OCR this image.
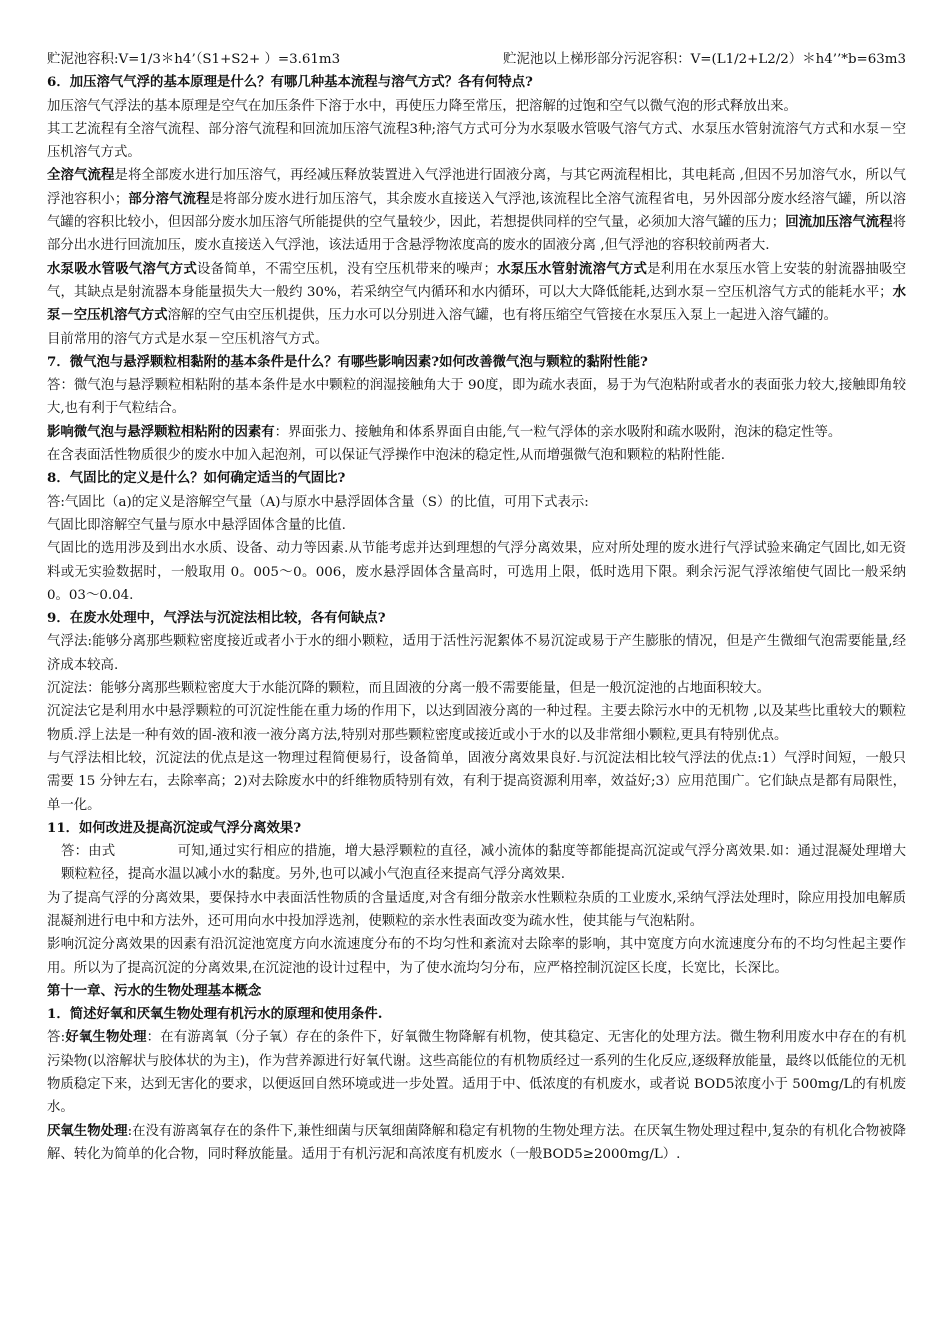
贮泥池容积:V=1/3＊h4’（S1+S2+ ）=3.61m3	贮泥池以上梯形部分污泥容积：V=(L1/2+L2/2）＊h4’’*b=63m3

6．加压溶气气浮的基本原理是什么？有哪几种基本流程与溶气方式？各有何特点?

加压溶气气浮法的基本原理是空气在加压条件下溶于水中，再使压力降至常压，把溶解的过饱和空气以微气泡的形式释放出来。

其工艺流程有全溶气流程、部分溶气流程和回流加压溶气流程3种;溶气方式可分为水泵吸水管吸气溶气方式、水泵压水管射流溶气方式和水泵－空压机溶气方式。

全溶气流程是将全部废水进行加压溶气，再经减压释放装置进入气浮池进行固液分离，与其它两流程相比，其电耗高 ,但因不另加溶气水，所以气浮池容积小；部分溶气流程是将部分废水进行加压溶气，其余废水直接送入气浮池,该流程比全溶气流程省电，另外因部分废水经溶气罐，所以溶气罐的容积比较小，但因部分废水加压溶气所能提供的空气量较少，因此，若想提供同样的空气量，必须加大溶气罐的压力；回流加压溶气流程将部分出水进行回流加压，废水直接送入气浮池，该法适用于含悬浮物浓度高的废水的固液分离 ,但气浮池的容积较前两者大.

水泵吸水管吸气溶气方式设备简单，不需空压机，没有空压机带来的噪声；水泵压水管射流溶气方式是利用在水泵压水管上安装的射流器抽吸空气，其缺点是射流器本身能量损失大一般约 30%，若采纳空气内循环和水内循环，可以大大降低能耗,达到水泵－空压机溶气方式的能耗水平；水泵－空压机溶气方式溶解的空气由空压机提供，压力水可以分别进入溶气罐，也有将压缩空气管接在水泵压入泵上一起进入溶气罐的。

目前常用的溶气方式是水泵－空压机溶气方式。

7．微气泡与悬浮颗粒相黏附的基本条件是什么？有哪些影响因素?如何改善微气泡与颗粒的黏附性能?

答：微气泡与悬浮颗粒相粘附的基本条件是水中颗粒的润湿接触角大于 90度，即为疏水表面，易于为气泡粘附或者水的表面张力较大,接触即角较大,也有利于气粒结合。

影响微气泡与悬浮颗粒相粘附的因素有：界面张力、接触角和体系界面自由能,气一粒气浮体的亲水吸附和疏水吸附，泡沫的稳定性等。

在含表面活性物质很少的废水中加入起泡剂，可以保证气浮操作中泡沫的稳定性,从而增强微气泡和颗粒的粘附性能.

8．气固比的定义是什么？如何确定适当的气固比?

答:气固比（a)的定义是溶解空气量（A)与原水中悬浮固体含量（S）的比值，可用下式表示:

气固比即溶解空气量与原水中悬浮固体含量的比值.

气固比的选用涉及到出水水质、设备、动力等因素.从节能考虑并达到理想的气浮分离效果，应对所处理的废水进行气浮试验来确定气固比,如无资料或无实验数据时，一般取用 0。005～0。006，废水悬浮固体含量高时，可选用上限，低时选用下限。剩余污泥气浮浓缩使气固比一般采纳 0。03～0.04.

9．在废水处理中，气浮法与沉淀法相比较，各有何缺点?

气浮法:能够分离那些颗粒密度接近或者小于水的细小颗粒，适用于活性污泥絮体不易沉淀或易于产生膨胀的情况，但是产生微细气泡需要能量,经济成本较高.

沉淀法：能够分离那些颗粒密度大于水能沉降的颗粒，而且固液的分离一般不需要能量，但是一般沉淀池的占地面积较大。

沉淀法它是利用水中悬浮颗粒的可沉淀性能在重力场的作用下，以达到固液分离的一种过程。主要去除污水中的无机物 ,以及某些比重较大的颗粒物质.浮上法是一种有效的固-液和液一液分离方法,特别对那些颗粒密度或接近或小于水的以及非常细小颗粒,更具有特别优点。

与气浮法相比较，沉淀法的优点是这一物理过程简便易行，设备简单，固液分离效果良好.与沉淀法相比较气浮法的优点:1）气浮时间短，一般只需要 15 分钟左右，去除率高；2)对去除废水中的纤维物质特别有效，有利于提高资源利用率，效益好;3）应用范围广。它们缺点是都有局限性，单一化。

11．如何改进及提高沉淀或气浮分离效果?

答：由式	可知,通过实行相应的措施，增大悬浮颗粒的直径，减小流体的黏度等都能提高沉淀或气浮分离效果.如：通过混凝处理增大颗粒粒径，提高水温以减小水的黏度。另外,也可以减小气泡直径来提高气浮分离效果.

为了提高气浮的分离效果，要保持水中表面活性物质的含量适度,对含有细分散亲水性颗粒杂质的工业废水,采纳气浮法处理时，除应用投加电解质混凝剂进行电中和方法外，还可用向水中投加浮选剂，使颗粒的亲水性表面改变为疏水性，使其能与气泡粘附。

影响沉淀分离效果的因素有沿沉淀池宽度方向水流速度分布的不均匀性和紊流对去除率的影响，其中宽度方向水流速度分布的不均匀性起主要作用。所以为了提高沉淀的分离效果,在沉淀池的设计过程中，为了使水流均匀分布，应严格控制沉淀区长度，长宽比，长深比。

第十一章、污水的生物处理基本概念

1．简述好氧和厌氧生物处理有机污水的原理和使用条件.

答:好氧生物处理：在有游离氧（分子氧）存在的条件下，好氧微生物降解有机物，使其稳定、无害化的处理方法。微生物利用废水中存在的有机污染物(以溶解状与胶体状的为主)，作为营养源进行好氧代谢。这些高能位的有机物质经过一系列的生化反应,逐级释放能量，最终以低能位的无机物质稳定下来，达到无害化的要求，以便返回自然环境或进一步处置。适用于中、低浓度的有机废水，或者说 BOD5浓度小于 500mg/L的有机废水。

厌氧生物处理:在没有游离氧存在的条件下,兼性细菌与厌氧细菌降解和稳定有机物的生物处理方法。在厌氧生物处理过程中,复杂的有机化合物被降解、转化为简单的化合物，同时释放能量。适用于有机污泥和高浓度有机废水（一般BOD5≥2000mg/L）.
